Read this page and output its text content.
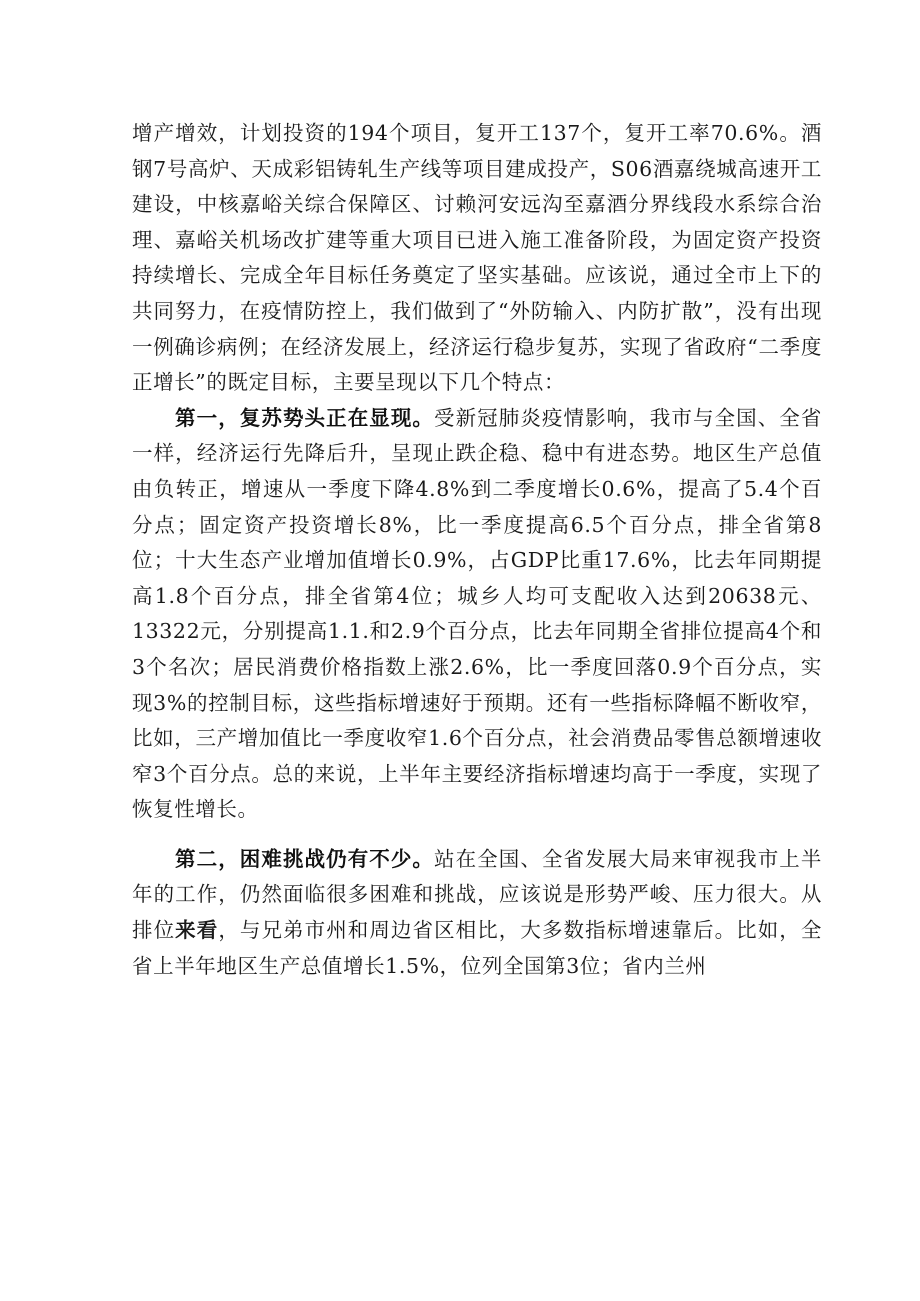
增产增效，计划投资的194个项目，复开工137个，复开工率70.6%。酒钢7号高炉、天成彩铝铸轧生产线等项目建成投产，S06酒嘉绕城高速开工建设，中核嘉峪关综合保障区、讨赖河安远沟至嘉酒分界线段水系综合治理、嘉峪关机场改扩建等重大项目已进入施工准备阶段，为固定资产投资持续增长、完成全年目标任务奠定了坚实基础。应该说，通过全市上下的共同努力，在疫情防控上，我们做到了“外防输入、内防扩散”，没有出现一例确诊病例；在经济发展上，经济运行稳步复苏，实现了省政府“二季度正增长”的既定目标，主要呈现以下几个特点：

第一，复苏势头正在显现。受新冠肺炎疫情影响，我市与全国、全省一样，经济运行先降后升，呈现止跌企稳、稳中有进态势。地区生产总值由负转正，增速从一季度下降4.8%到二季度增长0.6%，提高了5.4个百分点；固定资产投资增长8%，比一季度提高6.5个百分点，排全省第8位；十大生态产业增加值增长0.9%，占GDP比重17.6%，比去年同期提高1.8个百分点，排全省第4位；城乡人均可支配收入达到20638元、13322元，分别提高1.1.和2.9个百分点，比去年同期全省排位提高4个和3个名次；居民消费价格指数上涨2.6%，比一季度回落0.9个百分点，实现3%的控制目标，这些指标增速好于预期。还有一些指标降幅不断收窄，比如，三产增加值比一季度收窄1.6个百分点，社会消费品零售总额增速收窄3个百分点。总的来说，上半年主要经济指标增速均高于一季度，实现了恢复性增长。

第二，困难挑战仍有不少。站在全国、全省发展大局来审视我市上半年的工作，仍然面临很多困难和挑战，应该说是形势严峻、压力很大。从排位来看，与兄弟市州和周边省区相比，大多数指标增速靠后。比如，全省上半年地区生产总值增长1.5%，位列全国第3位；省内兰州
